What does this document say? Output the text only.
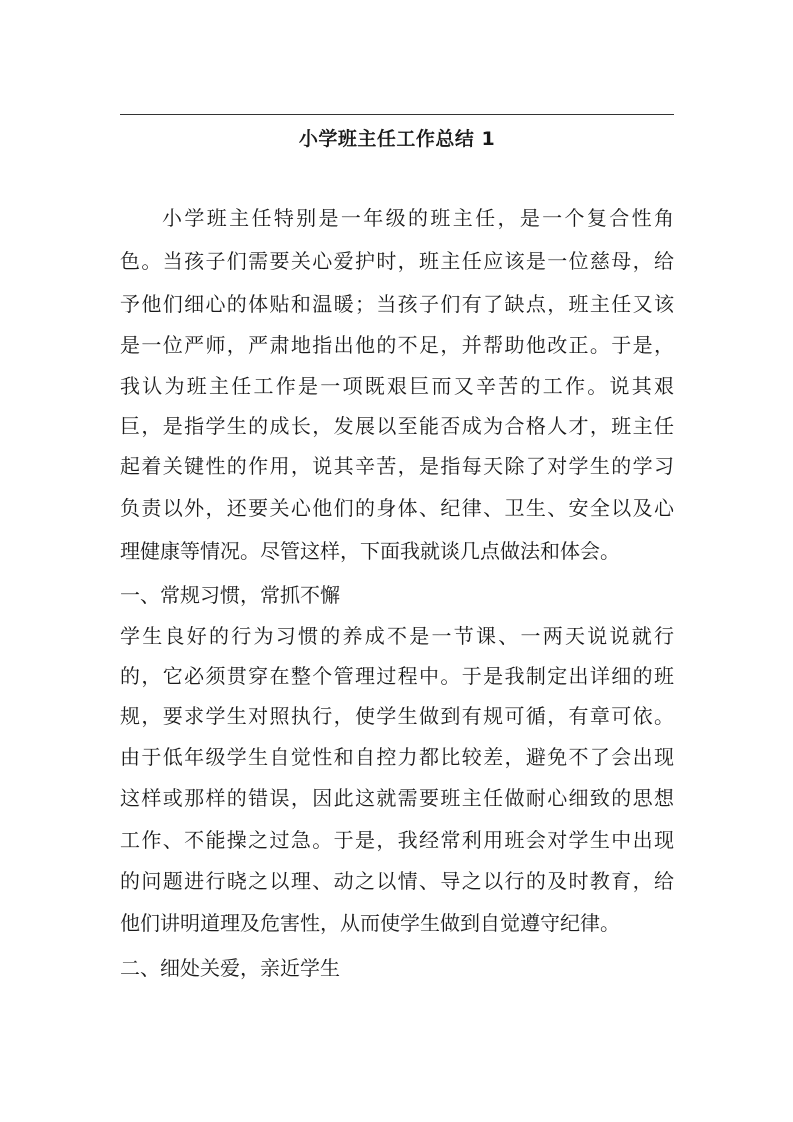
小学班主任工作总结 1
小学班主任特别是一年级的班主任，是一个复合性角
色。当孩子们需要关心爱护时，班主任应该是一位慈母，给
予他们细心的体贴和温暖；当孩子们有了缺点，班主任又该
是一位严师，严肃地指出他的不足，并帮助他改正。于是，
我认为班主任工作是一项既艰巨而又辛苦的工作。说其艰
巨，是指学生的成长，发展以至能否成为合格人才，班主任
起着关键性的作用，说其辛苦，是指每天除了对学生的学习
负责以外，还要关心他们的身体、纪律、卫生、安全以及心
理健康等情况。尽管这样，下面我就谈几点做法和体会。
一、常规习惯，常抓不懈
学生良好的行为习惯的养成不是一节课、一两天说说就行
的，它必须贯穿在整个管理过程中。于是我制定出详细的班
规，要求学生对照执行，使学生做到有规可循，有章可依。
由于低年级学生自觉性和自控力都比较差，避免不了会出现
这样或那样的错误，因此这就需要班主任做耐心细致的思想
工作、不能操之过急。于是，我经常利用班会对学生中出现
的问题进行晓之以理、动之以情、导之以行的及时教育，给
他们讲明道理及危害性，从而使学生做到自觉遵守纪律。
二、细处关爱，亲近学生
